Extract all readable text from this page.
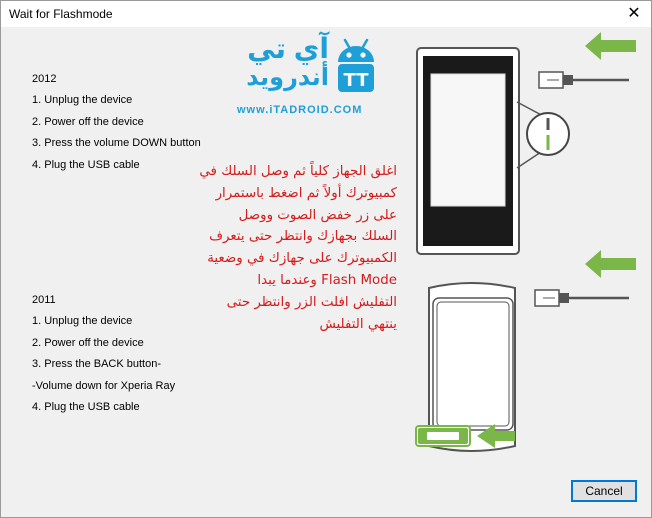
Wait for Flashmode	✕
2012
1. Unplug the device
2. Power off the device
3. Press the volume DOWN button
4. Plug the USB cable
2011
1. Unplug the device
2. Power off the device
3. Press the BACK button-
-Volume down for Xperia Ray
4. Plug the USB cable
آي تي
أندرويد
www.iTADROID.COM
TT
اغلق الجهاز كلياً ثم وصل السلك في
كمبيوترك أولاً ثم اضغط باستمرار
على زر خفض الصوت ووصل
السلك بجهازك وانتظر حتى يتعرف
الكمبيوترك على جهازك في وضعية
Flash Mode وعندما يبدا
التفليش افلت الزر وانتظر حتى
ينتهي التفليش
Cancel
